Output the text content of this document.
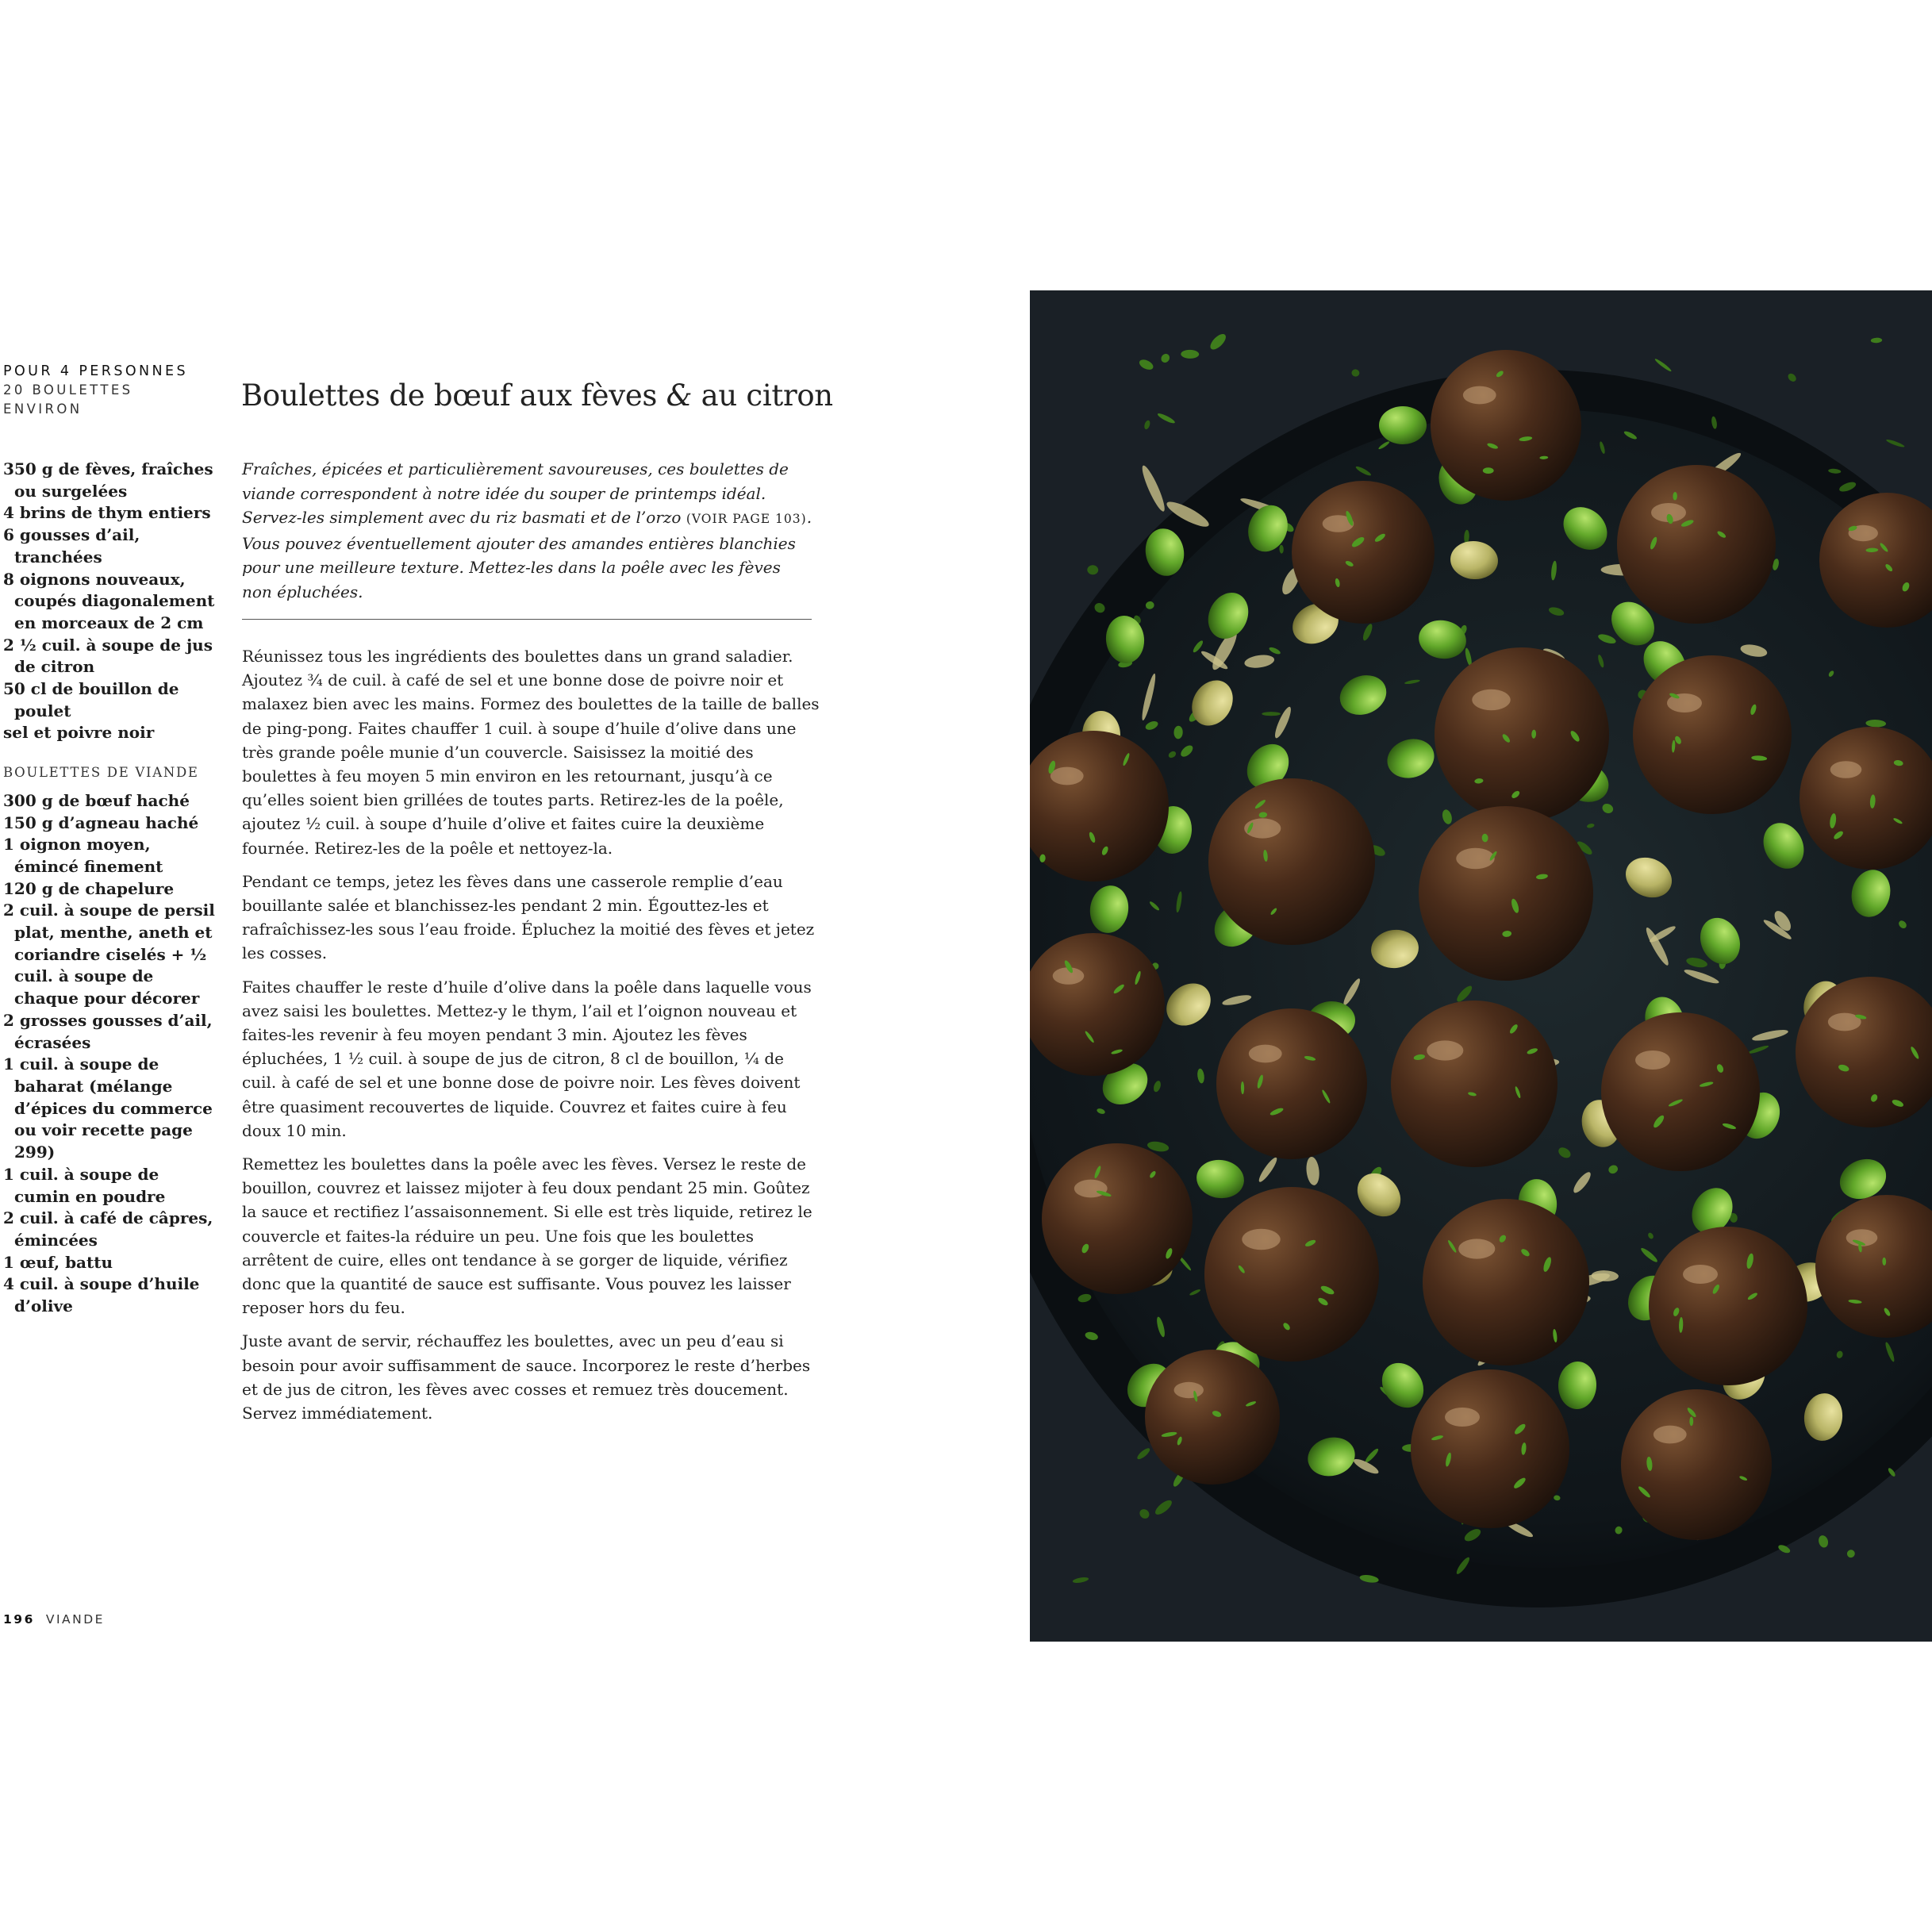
POUR 4 PERSONNES
20 BOULETTES ENVIRON	Boulettes de bœuf aux fèves & au citron

350 g de fèves, fraîches ou surgelées

4 brins de thym entiers

6 gousses d’ail, tranchées

8 oignons nouveaux, coupés diagonalement en morceaux de 2 cm

2 ½ cuil. à soupe de jus de citron

50 cl de bouillon de poulet

sel et poivre noir

BOULETTES DE VIANDE

300 g de bœuf haché

150 g d’agneau haché

1 oignon moyen, émincé finement

120 g de chapelure

2 cuil. à soupe de persil plat, menthe, aneth et coriandre ciselés + ½ cuil. à soupe de chaque pour décorer

2 grosses gousses d’ail, écrasées

1 cuil. à soupe de baharat (mélange d’épices du commerce ou voir recette page 299)

1 cuil. à soupe de cumin en poudre

2 cuil. à café de câpres, émincées

1 œuf, battu

4 cuil. à soupe d’huile d’olive

Fraîches, épicées et particulièrement savoureuses, ces boulettes de viande correspondent à notre idée du souper de printemps idéal. Servez-les simplement avec du riz basmati et de l’orzo (VOIR PAGE 103). Vous pouvez éventuellement ajouter des amandes entières blanchies pour une meilleure texture. Mettez-les dans la poêle avec les fèves non épluchées.

Réunissez tous les ingrédients des boulettes dans un grand saladier. Ajoutez ¾ de cuil. à café de sel et une bonne dose de poivre noir et malaxez bien avec les mains. Formez des boulettes de la taille de balles de ping-pong. Faites chauffer 1 cuil. à soupe d’huile d’olive dans une très grande poêle munie d’un couvercle. Saisissez la moitié des boulettes à feu moyen 5 min environ en les retournant, jusqu’à ce qu’elles soient bien grillées de toutes parts. Retirez-les de la poêle, ajoutez ½ cuil. à soupe d’huile d’olive et faites cuire la deuxième fournée. Retirez-les de la poêle et nettoyez-la.

Pendant ce temps, jetez les fèves dans une casserole remplie d’eau bouillante salée et blanchissez-les pendant 2 min. Égouttez-les et rafraîchissez-les sous l’eau froide. Épluchez la moitié des fèves et jetez les cosses.

Faites chauffer le reste d’huile d’olive dans la poêle dans laquelle vous avez saisi les boulettes. Mettez-y le thym, l’ail et l’oignon nouveau et faites-les revenir à feu moyen pendant 3 min. Ajoutez les fèves épluchées, 1 ½ cuil. à soupe de jus de citron, 8 cl de bouillon, ¼ de cuil. à café de sel et une bonne dose de poivre noir. Les fèves doivent être quasiment recouvertes de liquide. Couvrez et faites cuire à feu doux 10 min.

Remettez les boulettes dans la poêle avec les fèves. Versez le reste de bouillon, couvrez et laissez mijoter à feu doux pendant 25 min. Goûtez la sauce et rectifiez l’assaisonnement. Si elle est très liquide, retirez le couvercle et faites-la réduire un peu. Une fois que les boulettes arrêtent de cuire, elles ont tendance à se gorger de liquide, vérifiez donc que la quantité de sauce est suffisante. Vous pouvez les laisser reposer hors du feu.

Juste avant de servir, réchauffez les boulettes, avec un peu d’eau si besoin pour avoir suffisamment de sauce. Incorporez le reste d’herbes et de jus de citron, les fèves avec cosses et remuez très doucement. Servez immédiatement.

196 VIANDE
